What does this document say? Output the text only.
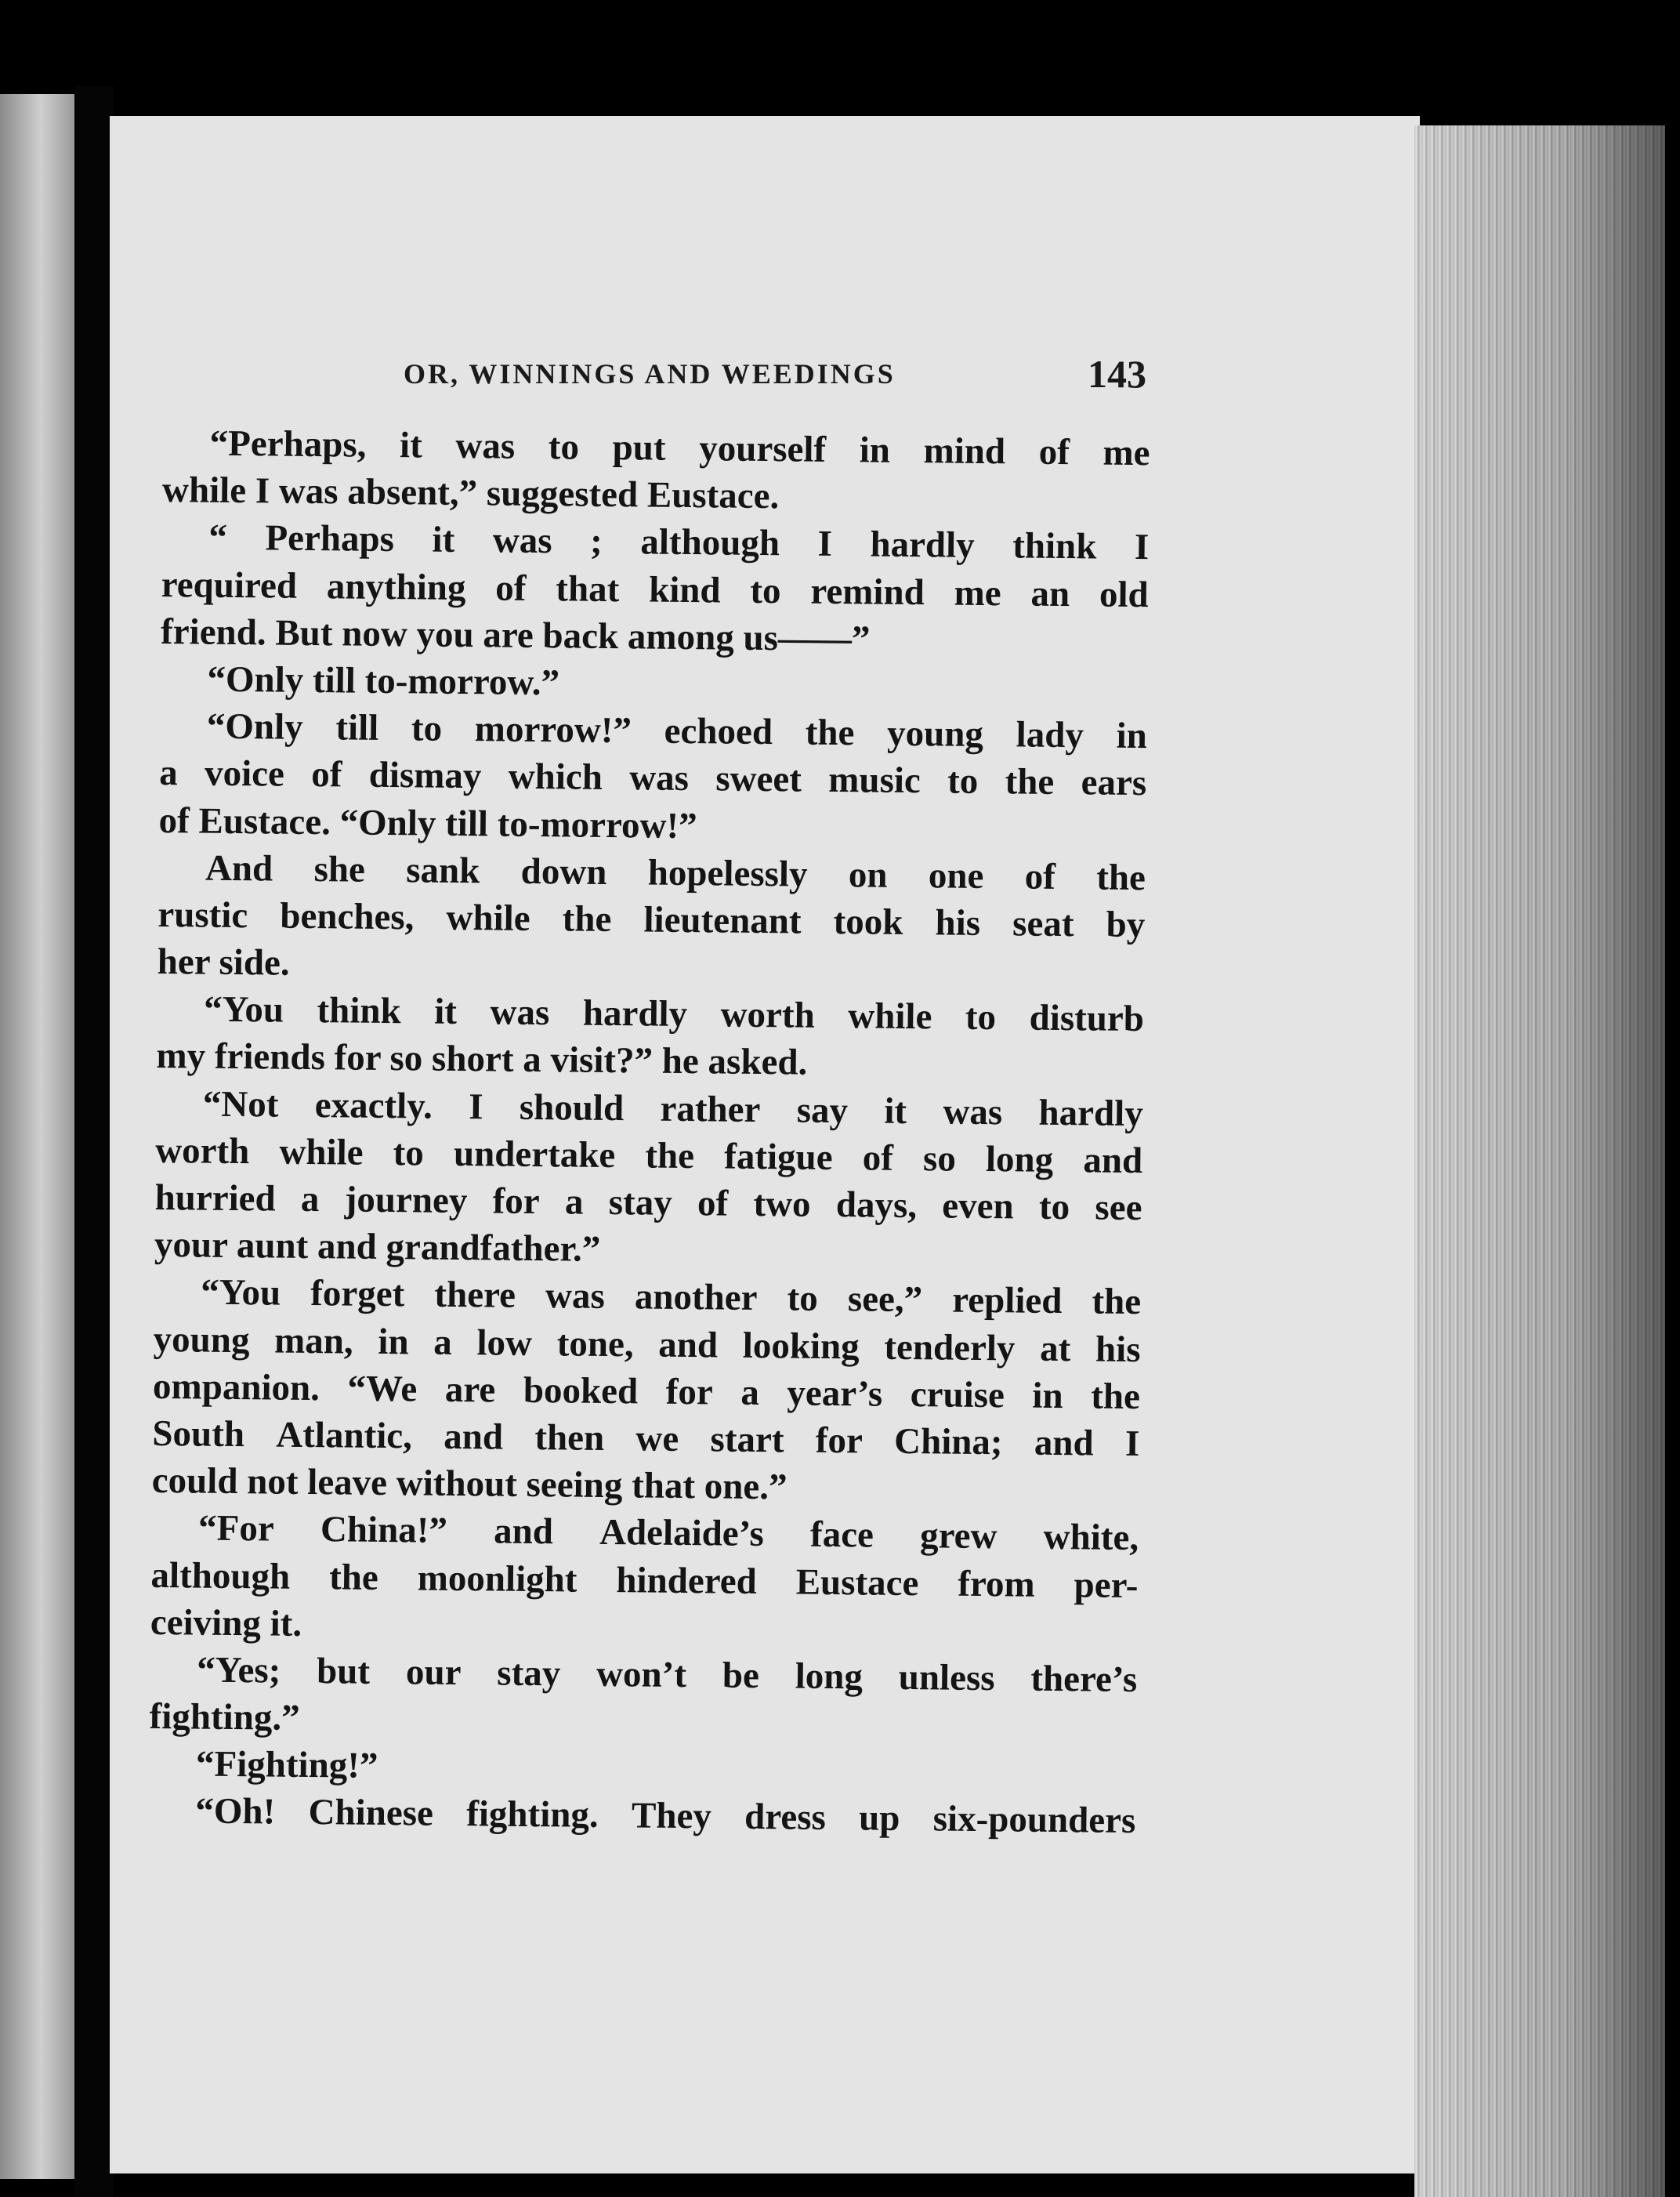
OR, WINNINGS AND WEEDINGS	143
“Perhaps, it was to put yourself in mind of me
while I was absent,” suggested Eustace.
“ Perhaps it was ; although I hardly think I
required anything of that kind to remind me an old
friend. But now you are back among us——”
“Only till to-morrow.”
“Only till to morrow!” echoed the young lady in
a voice of dismay which was sweet music to the ears
of Eustace. “Only till to-morrow!”
And she sank down hopelessly on one of the
rustic benches, while the lieutenant took his seat by
her side.
“You think it was hardly worth while to disturb
my friends for so short a visit?” he asked.
“Not exactly. I should rather say it was hardly
worth while to undertake the fatigue of so long and
hurried a journey for a stay of two days, even to see
your aunt and grandfather.”
“You forget there was another to see,” replied the
young man, in a low tone, and looking tenderly at his
ompanion. “We are booked for a year’s cruise in the
South Atlantic, and then we start for China; and I
could not leave without seeing that one.”
“For China!” and Adelaide’s face grew white,
although the moonlight hindered Eustace from per-
ceiving it.
“Yes; but our stay won’t be long unless there’s
fighting.”
“Fighting!”
“Oh! Chinese fighting. They dress up six-pounders
